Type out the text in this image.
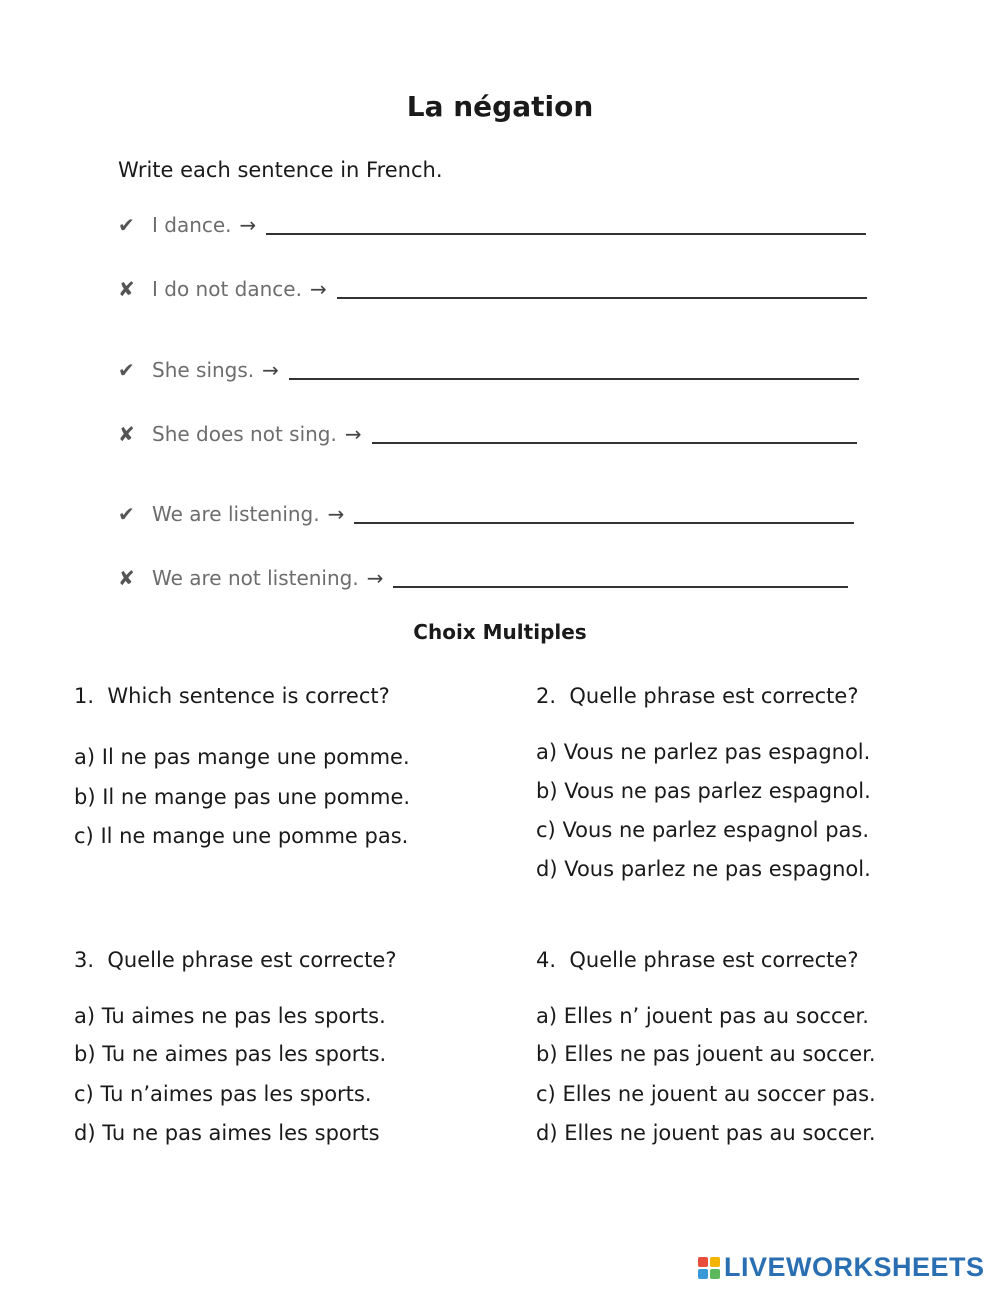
La négation
Write each sentence in French.
✔ I dance. →
✘ I do not dance. →
✔ She sings. →
✘ She does not sing. →
✔ We are listening. →
✘ We are not listening. →
Choix Multiples
1. Which sentence is correct?
a) Il ne pas mange une pomme.
b) Il ne mange pas une pomme.
c) Il ne mange une pomme pas.
2. Quelle phrase est correcte?
a) Vous ne parlez pas espagnol.
b) Vous ne pas parlez espagnol.
c) Vous ne parlez espagnol pas.
d) Vous parlez ne pas espagnol.
3. Quelle phrase est correcte?
a) Tu aimes ne pas les sports.
b) Tu ne aimes pas les sports.
c) Tu n’aimes pas les sports.
d) Tu ne pas aimes les sports
4. Quelle phrase est correcte?
a) Elles n’ jouent pas au soccer.
b) Elles ne pas jouent au soccer.
c) Elles ne jouent au soccer pas.
d) Elles ne jouent pas au soccer.
LIVEWORKSHEETS
